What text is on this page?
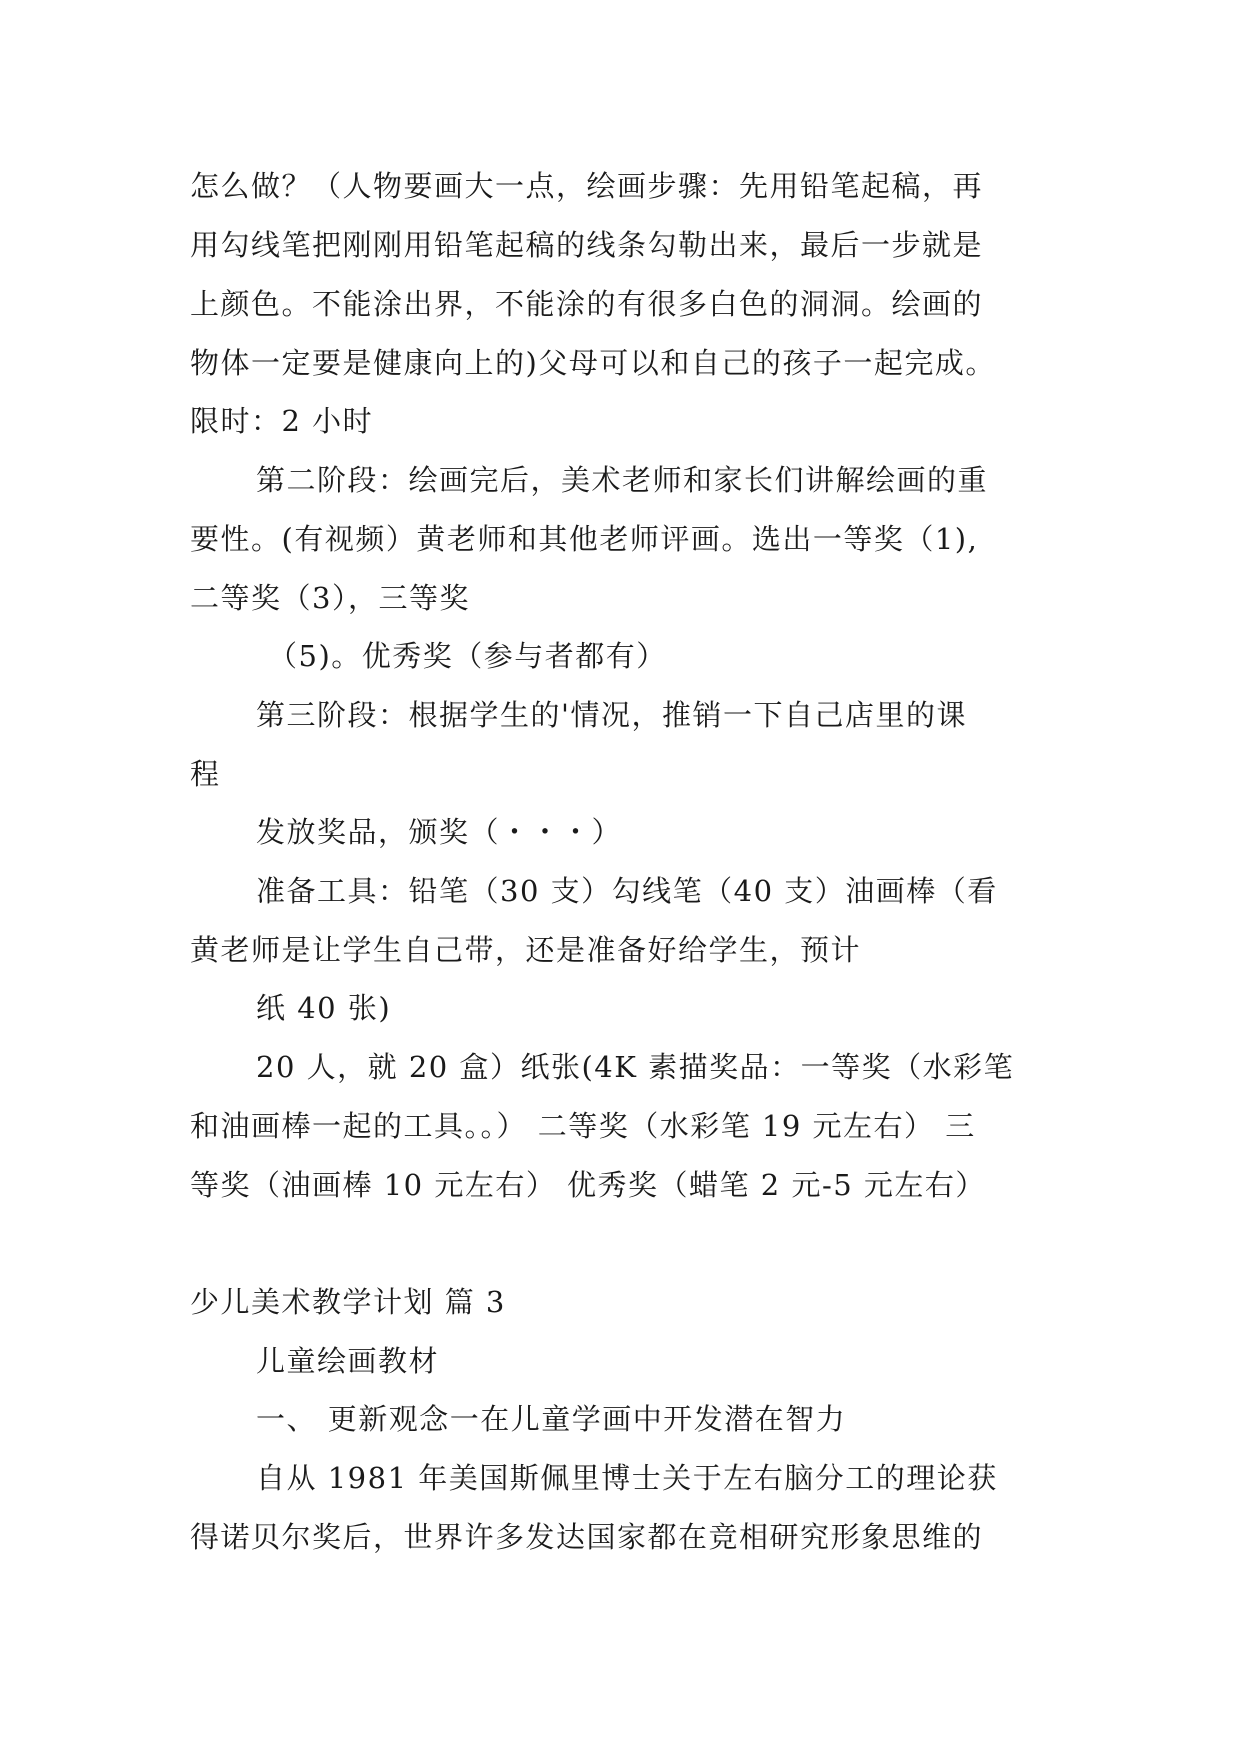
怎么做？（人物要画大一点，绘画步骤：先用铅笔起稿，再
用勾线笔把刚刚用铅笔起稿的线条勾勒出来，最后一步就是
上颜色。不能涂出界，不能涂的有很多白色的洞洞。绘画的
物体一定要是健康向上的)父母可以和自己的孩子一起完成。
限时：2 小时
第二阶段：绘画完后，美术老师和家长们讲解绘画的重
要性。(有视频）黄老师和其他老师评画。选出一等奖（1),
二等奖（3），三等奖
（5)。优秀奖（参与者都有）
第三阶段：根据学生的'情况，推销一下自己店里的课
程
发放奖品，颁奖（・・・）
准备工具：铅笔（30 支）勾线笔（40 支）油画棒（看
黄老师是让学生自己带，还是准备好给学生，预计
纸 40 张)
20 人，就 20 盒）纸张(4K 素描奖品：一等奖（水彩笔
和油画棒一起的工具。。） 二等奖（水彩笔 19 元左右） 三
等奖（油画棒 10 元左右） 优秀奖（蜡笔 2 元-5 元左右）
少儿美术教学计划 篇 3
儿童绘画教材
一、 更新观念一在儿童学画中开发潜在智力
自从 1981 年美国斯佩里博士关于左右脑分工的理论获
得诺贝尔奖后，世界许多发达国家都在竞相研究形象思维的
